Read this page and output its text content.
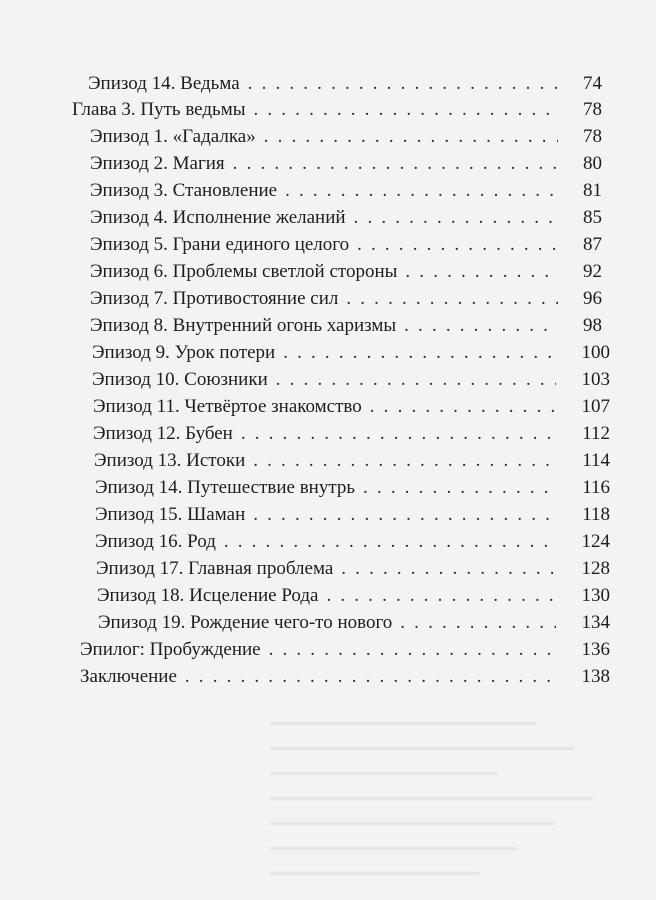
Эпизод 14. Ведьма . . .	74
Глава 3. Путь ведьмы . . .	78
Эпизод 1. «Гадалка» . . .	78
Эпизод 2. Магия . . .	80
Эпизод 3. Становление . . .	81
Эпизод 4. Исполнение желаний . . .	85
Эпизод 5. Грани единого целого . . .	87
Эпизод 6. Проблемы светлой стороны . . .	92
Эпизод 7. Противостояние сил . . .	96
Эпизод 8. Внутренний огонь харизмы . . .	98
Эпизод 9. Урок потери . . .	100
Эпизод 10. Союзники . . .	103
Эпизод 11. Четвёртое знакомство . . .	107
Эпизод 12. Бубен . . .	112
Эпизод 13. Истоки . . .	114
Эпизод 14. Путешествие внутрь . . .	116
Эпизод 15. Шаман . . .	118
Эпизод 16. Род . . .	124
Эпизод 17. Главная проблема . . .	128
Эпизод 18. Исцеление Рода . . .	130
Эпизод 19. Рождение чего-то нового . . .	134
Эпилог: Пробуждение . . .	136
Заключение . . .	138
